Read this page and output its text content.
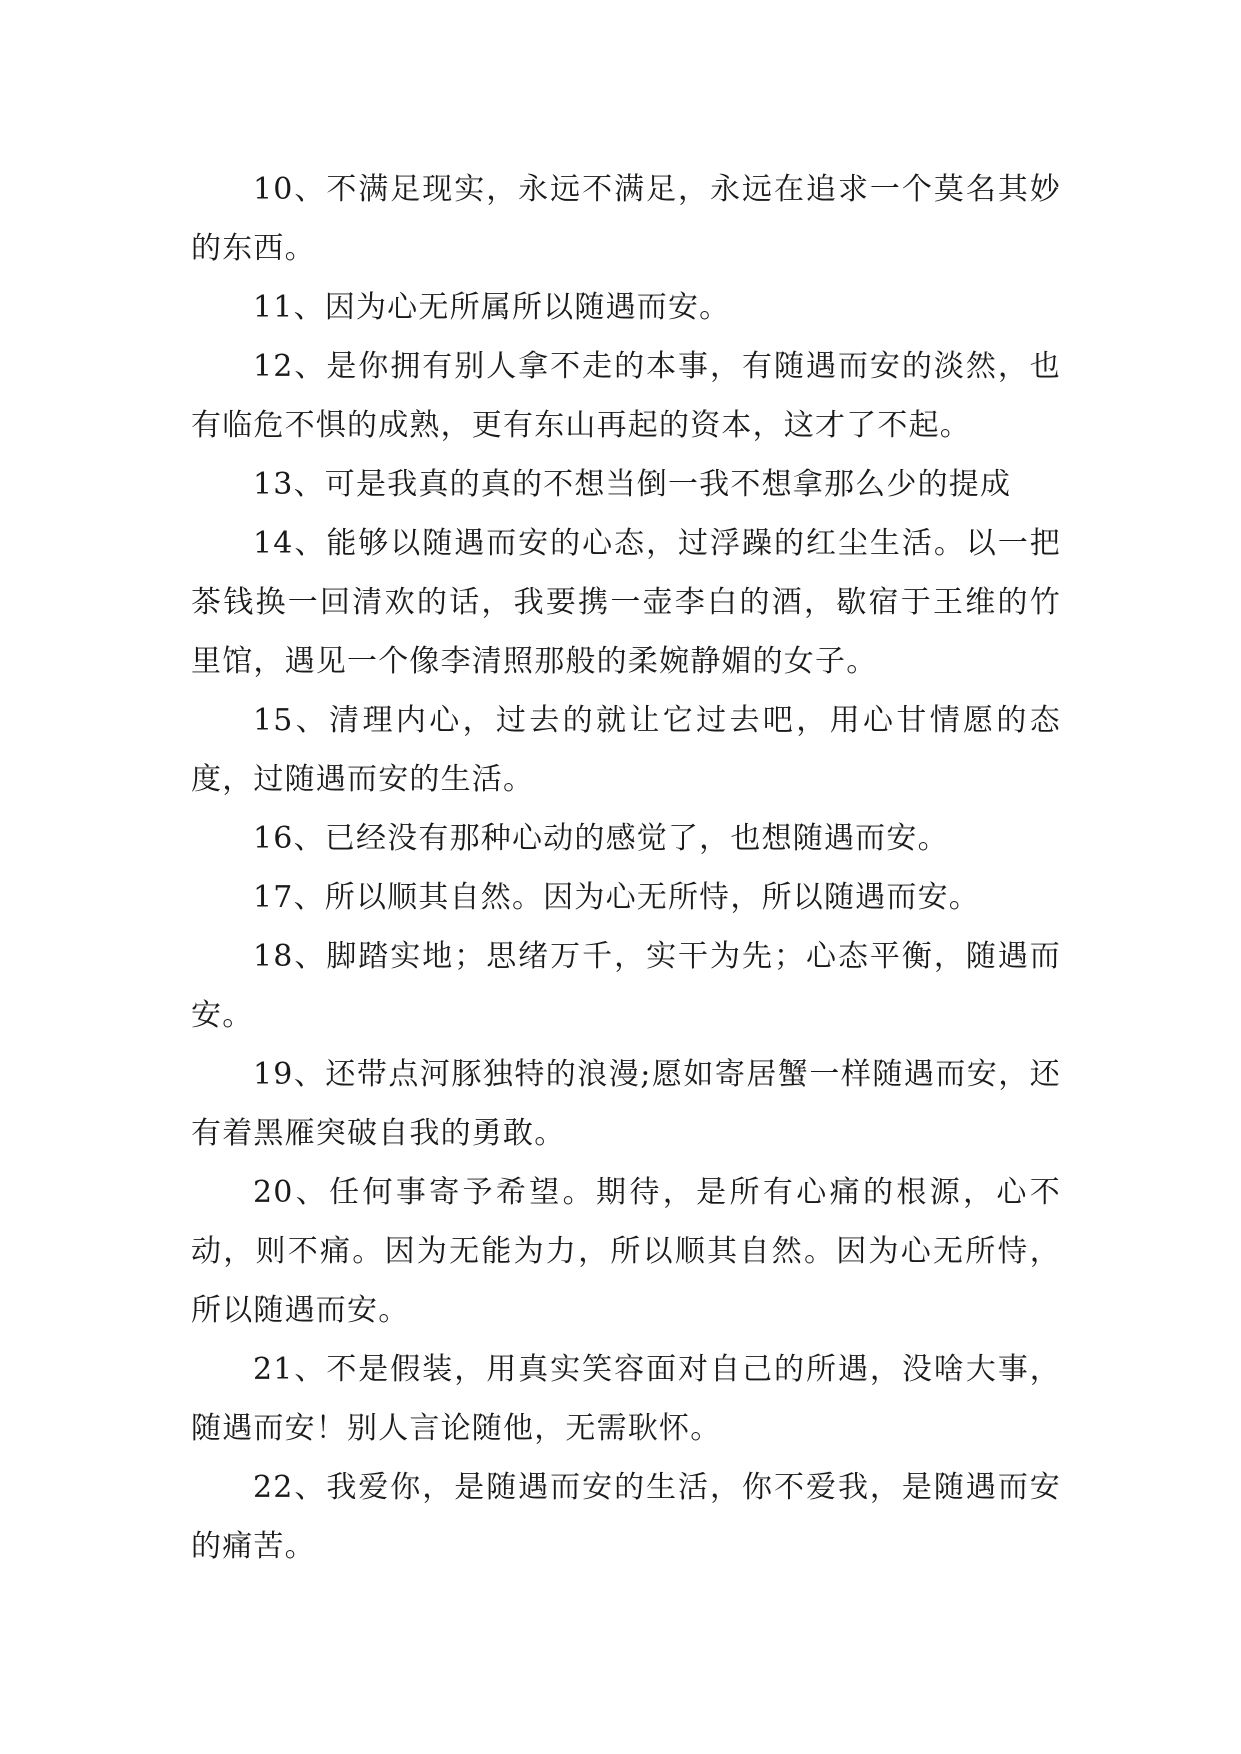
10、不满足现实，永远不满足，永远在追求一个莫名其妙的东西。

11、因为心无所属所以随遇而安。

12、是你拥有别人拿不走的本事，有随遇而安的淡然，也有临危不惧的成熟，更有东山再起的资本，这才了不起。

13、可是我真的真的不想当倒一我不想拿那么少的提成

14、能够以随遇而安的心态，过浮躁的红尘生活。以一把茶钱换一回清欢的话，我要携一壶李白的酒，歇宿于王维的竹里馆，遇见一个像李清照那般的柔婉静媚的女子。

15、清理内心，过去的就让它过去吧，用心甘情愿的态度，过随遇而安的生活。

16、已经没有那种心动的感觉了，也想随遇而安。

17、所以顺其自然。因为心无所恃，所以随遇而安。

18、脚踏实地；思绪万千，实干为先；心态平衡，随遇而安。

19、还带点河豚独特的浪漫;愿如寄居蟹一样随遇而安，还有着黑雁突破自我的勇敢。

20、任何事寄予希望。期待，是所有心痛的根源，心不动，则不痛。因为无能为力，所以顺其自然。因为心无所恃，所以随遇而安。

21、不是假装，用真实笑容面对自己的所遇，没啥大事，随遇而安！别人言论随他，无需耿怀。

22、我爱你，是随遇而安的生活，你不爱我，是随遇而安的痛苦。
